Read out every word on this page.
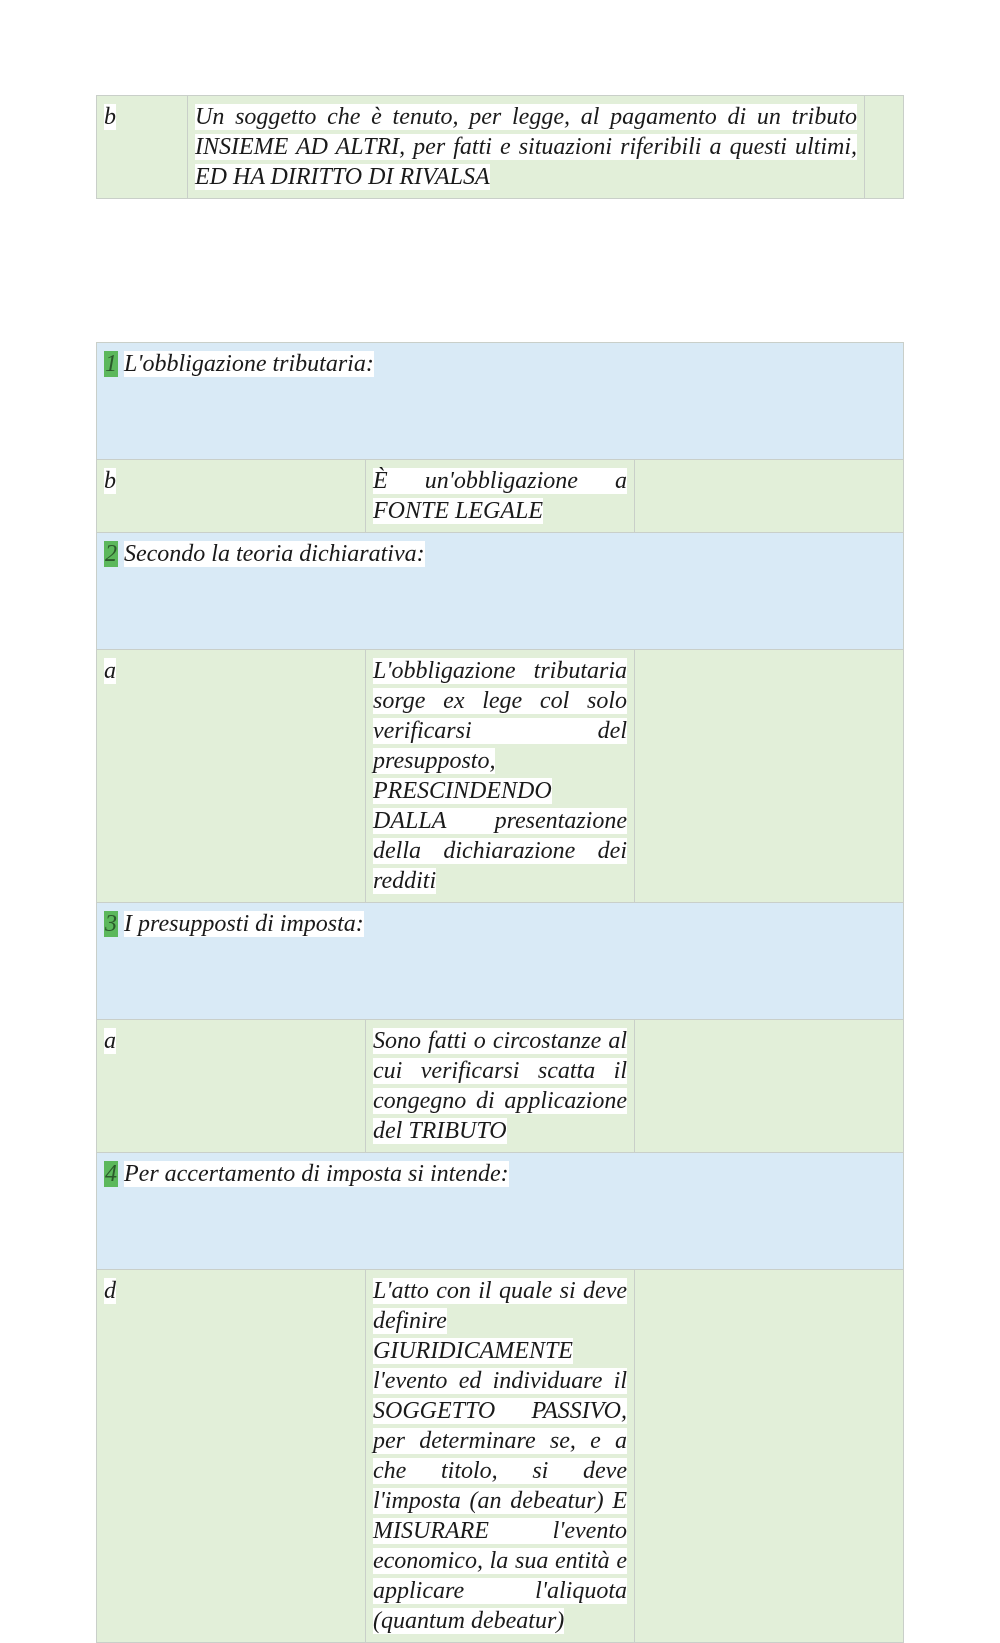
b	Un soggetto che è tenuto, per legge, al pagamento di un tributo INSIEME AD ALTRI, per fatti e situazioni riferibili a questi ultimi, ED HA DIRITTO DI RIVALSA	
1 L'obbligazione tributaria:		
b	È un'obbligazione a FONTE LEGALE	
2 Secondo la teoria dichiarativa:		
a	L'obbligazione tributaria sorge ex lege col solo verificarsi del presupposto, PRESCINDENDO DALLA presentazione della dichiarazione dei redditi	
3 I presupposti di imposta:		
a	Sono fatti o circostanze al cui verificarsi scatta il congegno di applicazione del TRIBUTO	
4 Per accertamento di imposta si intende:		
d	L'atto con il quale si deve definire GIURIDICAMENTE l'evento ed individuare il SOGGETTO PASSIVO, per determinare se, e a che titolo, si deve l'imposta (an debeatur) E MISURARE l'evento economico, la sua entità e applicare l'aliquota (quantum debeatur)	
